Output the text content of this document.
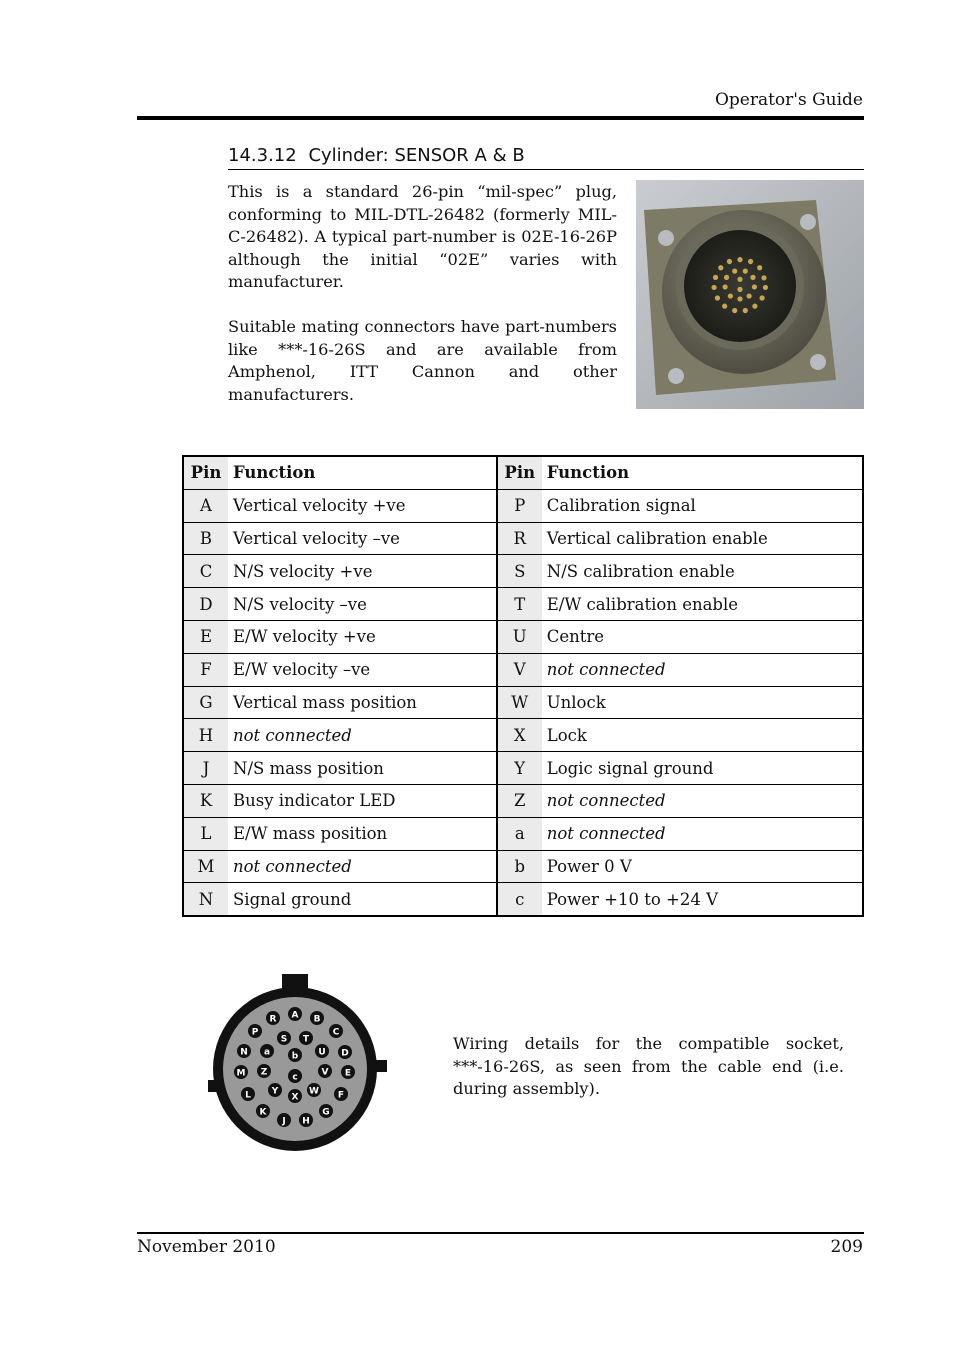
Operator's Guide
14.3.12 Cylinder: SENSOR A & B

This is a standard 26-pin “mil-spec” plug, conforming to MIL-DTL-26482 (formerly MIL-C-26482). A typical part-number is 02E-16-26P although the initial “02E” varies with manufacturer.

Suitable mating connectors have part-numbers like ***-16-26S and are available from Amphenol, ITT Cannon and other manufacturers.

Pin	Function	Pin	Function
A	Vertical velocity +ve	P	Calibration signal
B	Vertical velocity –ve	R	Vertical calibration enable
C	N/S velocity +ve	S	N/S calibration enable
D	N/S velocity –ve	T	E/W calibration enable
E	E/W velocity +ve	U	Centre
F	E/W velocity –ve	V	not connected
G	Vertical mass position	W	Unlock
H	not connected	X	Lock
J	N/S mass position	Y	Logic signal ground
K	Busy indicator LED	Z	not connected
L	E/W mass position	a	not connected
M	not connected	b	Power 0 V
N	Signal ground	c	Power +10 to +24 V
A B
C
D
E
F
G
H
J
K
L
M
N
P
R
S T
U
V
W
X
Y
Z
a b
c
Wiring details for the compatible socket, ***-16-26S, as seen from the cable end (i.e. during assembly).
November 2010	209
